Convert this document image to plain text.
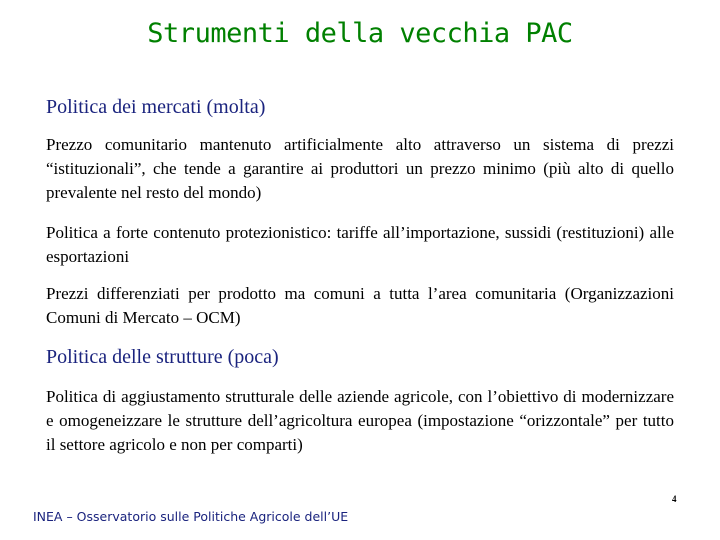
Strumenti della vecchia PAC
Politica dei mercati (molta)
Prezzo comunitario mantenuto artificialmente alto attraverso un sistema di prezzi “istituzionali”, che tende a garantire ai produttori un prezzo minimo (più alto di quello prevalente nel resto del mondo)
Politica a forte contenuto protezionistico: tariffe all’importazione, sussidi (restituzioni) alle esportazioni
Prezzi differenziati per prodotto ma comuni a tutta l’area comunitaria (Organizzazioni Comuni di Mercato – OCM)
Politica delle strutture (poca)
Politica di aggiustamento strutturale delle aziende agricole, con l’obiettivo di modernizzare e omogeneizzare le strutture dell’agricoltura europea (impostazione “orizzontale” per tutto il settore agricolo e non per comparti)
4
INEA – Osservatorio sulle Politiche Agricole dell’UE
